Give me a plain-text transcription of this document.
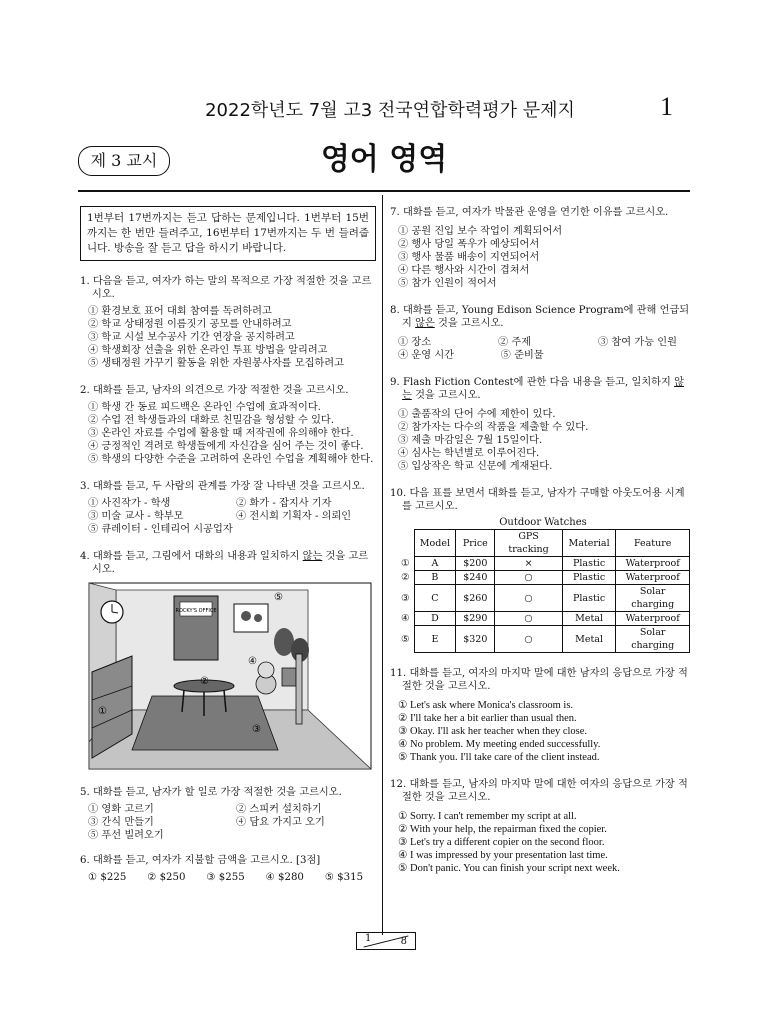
2022학년도 7월 고3 전국연합학력평가 문제지	1
제 3 교시	영어 영역
1번부터 17번까지는 듣고 답하는 문제입니다. 1번부터 15번까지는 한 번만 들려주고, 16번부터 17번까지는 두 번 들려줍니다. 방송을 잘 듣고 답을 하시기 바랍니다.
1. 다음을 듣고, 여자가 하는 말의 목적으로 가장 적절한 것을 고르시오.
① 환경보호 표어 대회 참여를 독려하려고
② 학교 상태정원 이름짓기 공모를 안내하려고
③ 학교 시설 보수공사 기간 연장을 공지하려고
④ 학생회장 선출을 위한 온라인 투표 방법을 알리려고
⑤ 생태정원 가꾸기 활동을 위한 자원봉사자를 모집하려고
2. 대화를 듣고, 남자의 의견으로 가장 적절한 것을 고르시오.
① 학생 간 동료 피드백은 온라인 수업에 효과적이다.
② 수업 전 학생들과의 대화로 친밀감을 형성할 수 있다.
③ 온라인 자료를 수업에 활용할 때 저작권에 유의해야 한다.
④ 긍정적인 격려로 학생들에게 자신감을 심어 주는 것이 좋다.
⑤ 학생의 다양한 수준을 고려하여 온라인 수업을 계획해야 한다.
3. 대화를 듣고, 두 사람의 관계를 가장 잘 나타낸 것을 고르시오.
① 사진작가 - 학생	② 화가 - 잡지사 기자
③ 미술 교사 - 학부모	④ 전시회 기획자 - 의뢰인
⑤ 큐레이터 - 인테리어 시공업자
4. 대화를 듣고, 그림에서 대화의 내용과 일치하지 않는 것을 고르시오.
ROCKY'S OFFICE
①
②
③
④
⑤
5. 대화를 듣고, 남자가 할 일로 가장 적절한 것을 고르시오.
① 영화 고르기	② 스피커 설치하기
③ 간식 만들기	④ 담요 가지고 오기
⑤ 푸선 빌려오기
6. 대화를 듣고, 여자가 지불할 금액을 고르시오. [3점]
① $225	② $250	③ $255	④ $280	⑤ $315
7. 대화를 듣고, 여자가 박물관 운영을 연기한 이유를 고르시오.
① 공원 진입 보수 작업이 계획되어서
② 행사 당일 폭우가 예상되어서
③ 행사 물품 배송이 지연되어서
④ 다른 행사와 시간이 겹쳐서
⑤ 참가 인원이 적어서
8. 대화를 듣고, Young Edison Science Program에 관해 언급되지 않은 것을 고르시오.
① 장소	② 주제	③ 참여 가능 인원
④ 운영 시간	⑤ 준비물
9. Flash Fiction Contest에 관한 다음 내용을 듣고, 일치하지 않는 것을 고르시오.
① 출품작의 단어 수에 제한이 있다.
② 참가자는 다수의 작품을 제출할 수 있다.
③ 제출 마감일은 7월 15일이다.
④ 심사는 학년별로 이루어진다.
⑤ 입상작은 학교 신문에 게재된다.
10. 다음 표를 보면서 대화를 듣고, 남자가 구매할 아웃도어용 시계를 고르시오.
Outdoor Watches
	Model	Price	GPS tracking	Material	Feature
①	A	$200	×	Plastic	Waterproof
②	B	$240	○	Plastic	Waterproof
③	C	$260	○	Plastic	Solar charging
④	D	$290	○	Metal	Waterproof
⑤	E	$320	○	Metal	Solar charging
11. 대화를 듣고, 여자의 마지막 말에 대한 남자의 응답으로 가장 적절한 것을 고르시오.
① Let's ask where Monica's classroom is.
② I'll take her a bit earlier than usual then.
③ Okay. I'll ask her teacher when they close.
④ No problem. My meeting ended successfully.
⑤ Thank you. I'll take care of the client instead.
12. 대화를 듣고, 남자의 마지막 말에 대한 여자의 응답으로 가장 적절한 것을 고르시오.
① Sorry. I can't remember my script at all.
② With your help, the repairman fixed the copier.
③ Let's try a different copier on the second floor.
④ I was impressed by your presentation last time.
⑤ Don't panic. You can finish your script next week.
1	8
